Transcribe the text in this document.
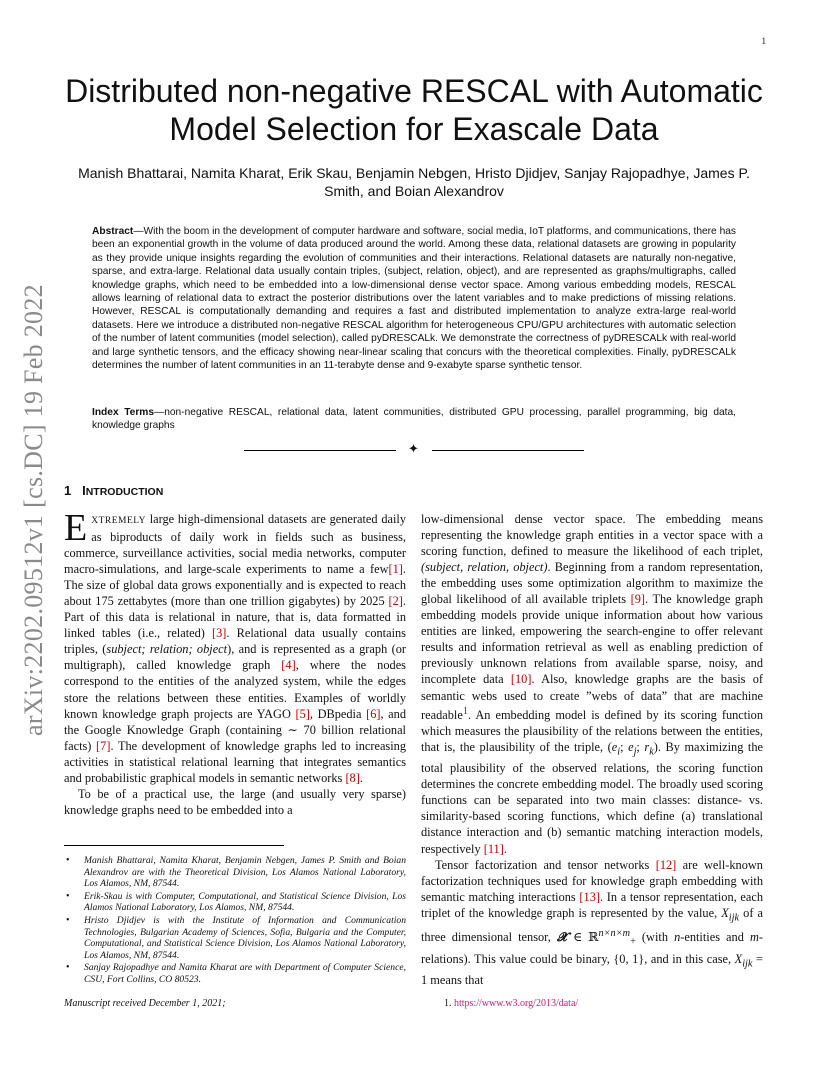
1
arXiv:2202.09512v1 [cs.DC] 19 Feb 2022
Distributed non-negative RESCAL with Automatic Model Selection for Exascale Data
Manish Bhattarai, Namita Kharat, Erik Skau, Benjamin Nebgen, Hristo Djidjev, Sanjay Rajopadhye, James P. Smith, and Boian Alexandrov

Abstract—With the boom in the development of computer hardware and software, social media, IoT platforms, and communications, there has been an exponential growth in the volume of data produced around the world. Among these data, relational datasets are growing in popularity as they provide unique insights regarding the evolution of communities and their interactions. Relational datasets are naturally non-negative, sparse, and extra-large. Relational data usually contain triples, (subject, relation, object), and are represented as graphs/multigraphs, called knowledge graphs, which need to be embedded into a low-dimensional dense vector space. Among various embedding models, RESCAL allows learning of relational data to extract the posterior distributions over the latent variables and to make predictions of missing relations. However, RESCAL is computationally demanding and requires a fast and distributed implementation to analyze extra-large real-world datasets. Here we introduce a distributed non-negative RESCAL algorithm for heterogeneous CPU/GPU architectures with automatic selection of the number of latent communities (model selection), called pyDRESCALk. We demonstrate the correctness of pyDRESCALk with real-world and large synthetic tensors, and the efficacy showing near-linear scaling that concurs with the theoretical complexities. Finally, pyDRESCALk determines the number of latent communities in an 11-terabyte dense and 9-exabyte sparse synthetic tensor.

Index Terms—non-negative RESCAL, relational data, latent communities, distributed GPU processing, parallel programming, big data, knowledge graphs

✦
1 INTRODUCTION

EXTREMELY large high-dimensional datasets are generated daily as biproducts of daily work in fields such as business, commerce, surveillance activities, social media networks, computer macro-simulations, and large-scale experiments to name a few[1]. The size of global data grows exponentially and is expected to reach about 175 zettabytes (more than one trillion gigabytes) by 2025 [2]. Part of this data is relational in nature, that is, data formatted in linked tables (i.e., related) [3]. Relational data usually contains triples, (subject; relation; object), and is represented as a graph (or multigraph), called knowledge graph [4], where the nodes correspond to the entities of the analyzed system, while the edges store the relations between these entities. Examples of worldly known knowledge graph projects are YAGO [5], DBpedia [6], and the Google Knowledge Graph (containing ∼ 70 billion relational facts) [7]. The development of knowledge graphs led to increasing activities in statistical relational learning that integrates semantics and probabilistic graphical models in semantic networks [8].

To be of a practical use, the large (and usually very sparse) knowledge graphs need to be embedded into a

low-dimensional dense vector space. The embedding means representing the knowledge graph entities in a vector space with a scoring function, defined to measure the likelihood of each triplet, (subject, relation, object). Beginning from a random representation, the embedding uses some optimization algorithm to maximize the global likelihood of all available triplets [9]. The knowledge graph embedding models provide unique information about how various entities are linked, empowering the search-engine to offer relevant results and information retrieval as well as enabling prediction of previously unknown relations from available sparse, noisy, and incomplete data [10]. Also, knowledge graphs are the basis of semantic webs used to create ”webs of data” that are machine readable$^1$. An embedding model is defined by its scoring function which measures the plausibility of the relations between the entities, that is, the plausibility of the triple, ($e_i$; $e_j$; $r_k$). By maximizing the total plausibility of the observed relations, the scoring function determines the concrete embedding model. The broadly used scoring functions can be separated into two main classes: distance- vs. similarity-based scoring functions, which define (a) translational distance interaction and (b) semantic matching interaction models, respectively [11].

Tensor factorization and tensor networks [12] are well-known factorization techniques used for knowledge graph embedding with semantic matching interactions [13]. In a tensor representation, each triplet of the knowledge graph is represented by the value, $X_{ijk}$ of a three dimensional tensor, 𝓧 ∈ ℝ$^{n\times n\times m}_+$ (with n-entities and m-relations). This value could be binary, {0, 1}, and in this case, $X_{ijk} = 1$ means that

• Manish Bhattarai, Namita Kharat, Benjamin Nebgen, James P. Smith and Boian Alexandrov are with the Theoretical Division, Los Alamos National Laboratory, Los Alamos, NM, 87544.
• Erik-Skau is with Computer, Computational, and Statistical Science Division, Los Alamos National Laboratory, Los Alamos, NM, 87544.
• Hristo Djidjev is with the Institute of Information and Communication Technologies, Bulgarian Academy of Sciences, Sofia, Bulgaria and the Computer, Computational, and Statistical Science Division, Los Alamos National Laboratory, Los Alamos, NM, 87544.
• Sanjay Rajopadhye and Namita Kharat are with Department of Computer Science, CSU, Fort Collins, CO 80523.
Manuscript received December 1, 2021;	1. https://www.w3.org/2013/data/
